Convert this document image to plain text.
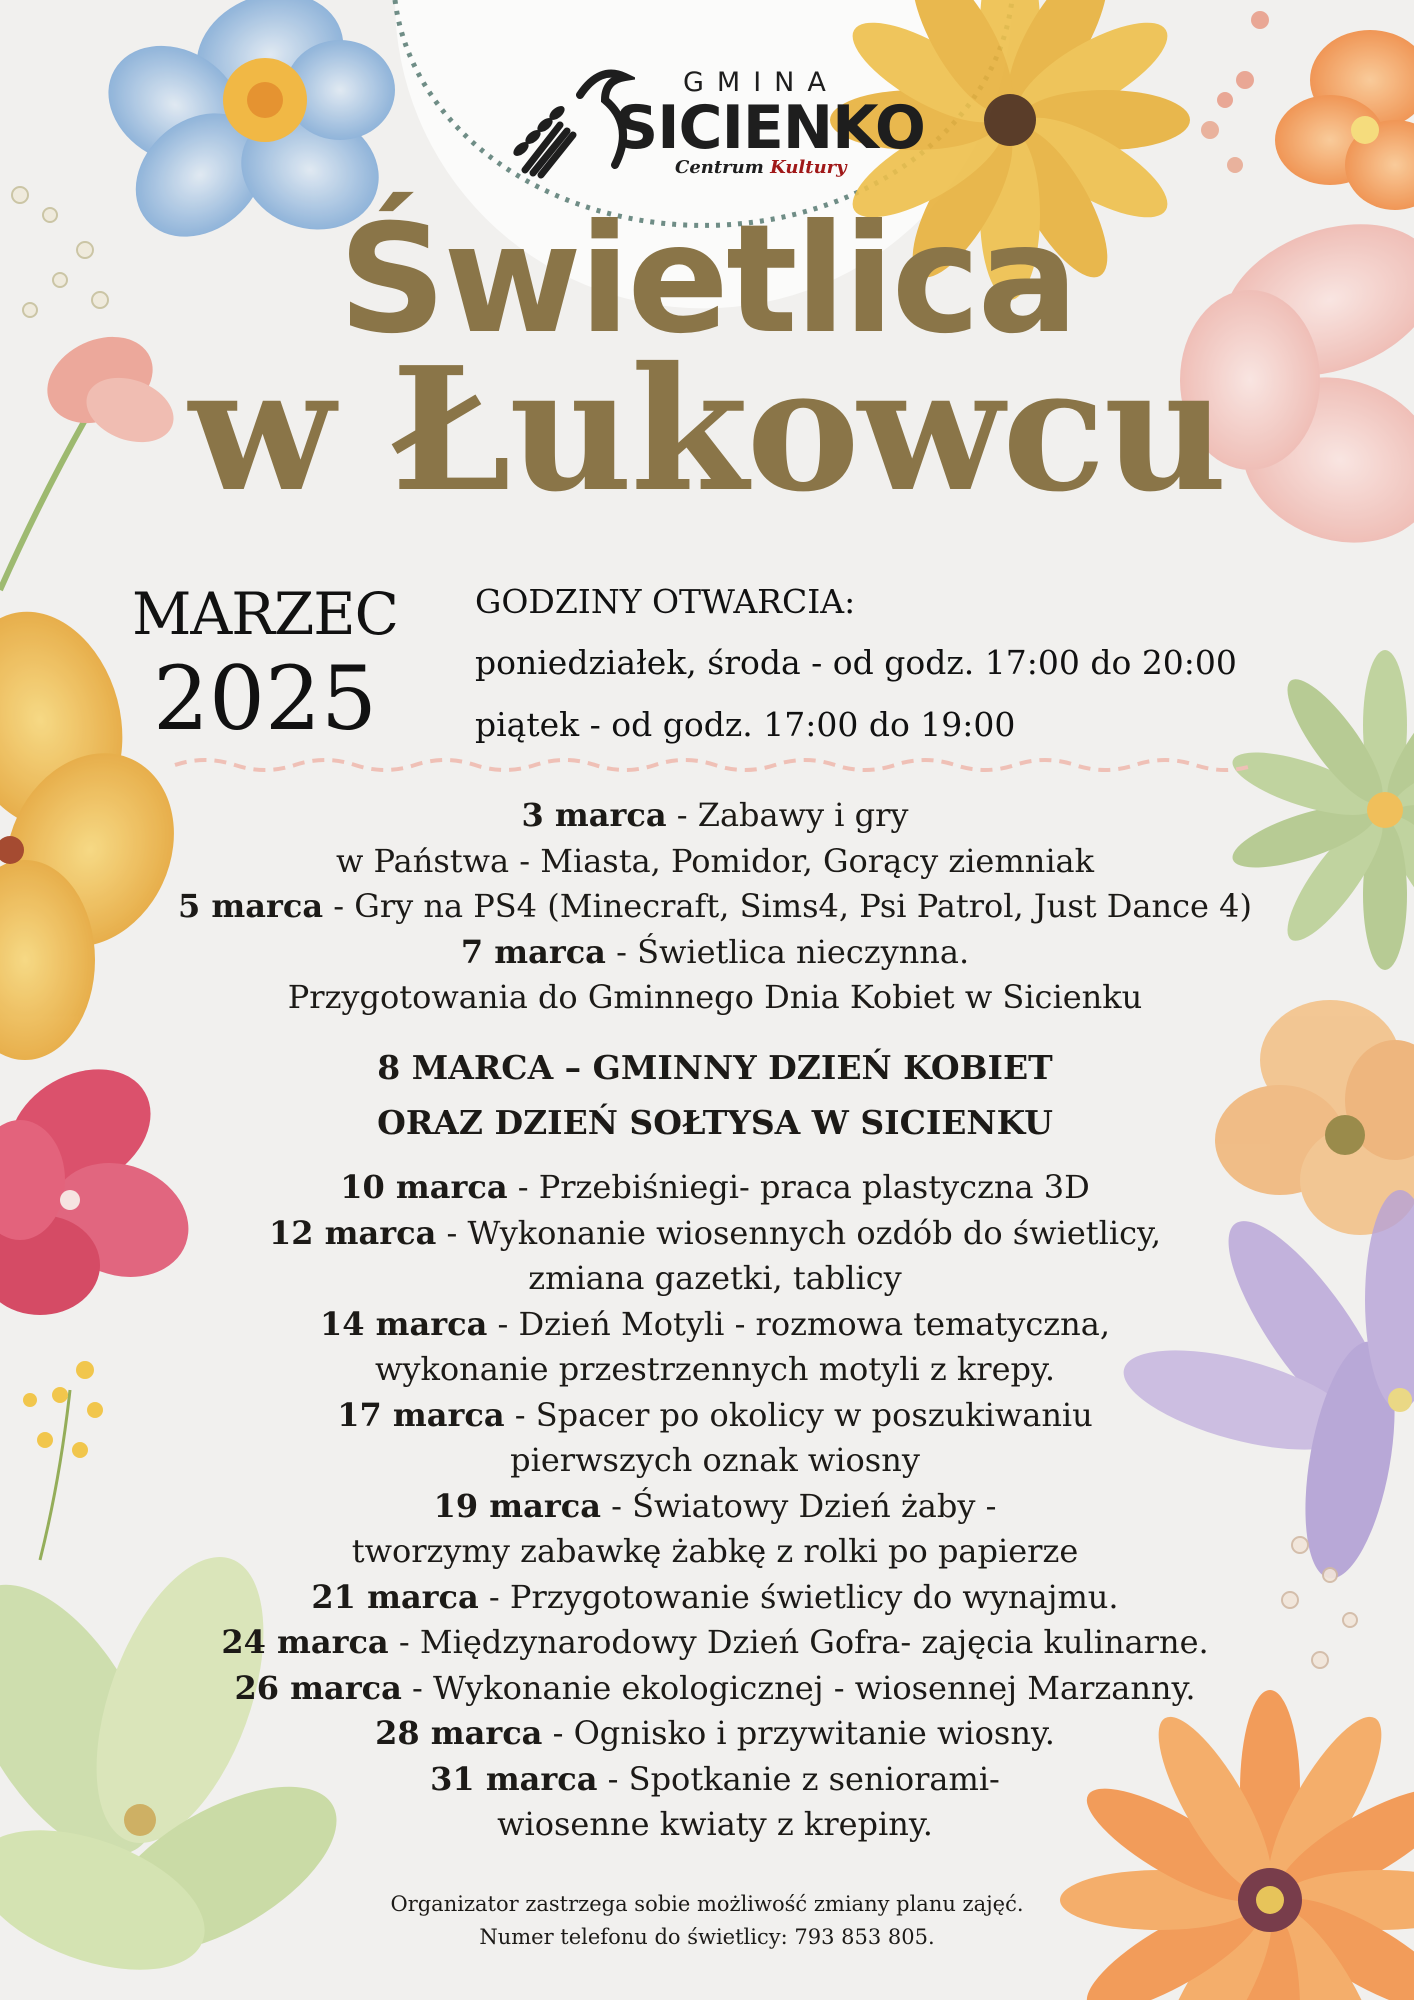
GMINA
SICIENKO
Centrum Kultury
Świetlica
w Łukowcu
MARZEC
2025
GODZINY OTWARCIA:
poniedziałek, środa - od godz. 17:00 do 20:00
piątek - od godz. 17:00 do 19:00
3 marca - Zabawy i gry
w Państwa - Miasta, Pomidor, Gorący ziemniak
5 marca - Gry na PS4 (Minecraft, Sims4, Psi Patrol, Just Dance 4)
7 marca - Świetlica nieczynna.
Przygotowania do Gminnego Dnia Kobiet w Sicienku
8 MARCA – GMINNY DZIEŃ KOBIET
ORAZ DZIEŃ SOŁTYSA W SICIENKU
10 marca - Przebiśniegi- praca plastyczna 3D
12 marca - Wykonanie wiosennych ozdób do świetlicy,
zmiana gazetki, tablicy
14 marca - Dzień Motyli - rozmowa tematyczna,
wykonanie przestrzennych motyli z krepy.
17 marca - Spacer po okolicy w poszukiwaniu
pierwszych oznak wiosny
19 marca - Światowy Dzień żaby -
tworzymy zabawkę żabkę z rolki po papierze
21 marca - Przygotowanie świetlicy do wynajmu.
24 marca - Międzynarodowy Dzień Gofra- zajęcia kulinarne.
26 marca - Wykonanie ekologicznej - wiosennej Marzanny.
28 marca - Ognisko i przywitanie wiosny.
31 marca - Spotkanie z seniorami-
wiosenne kwiaty z krepiny.
Organizator zastrzega sobie możliwość zmiany planu zajęć.
Numer telefonu do świetlicy: 793 853 805.
